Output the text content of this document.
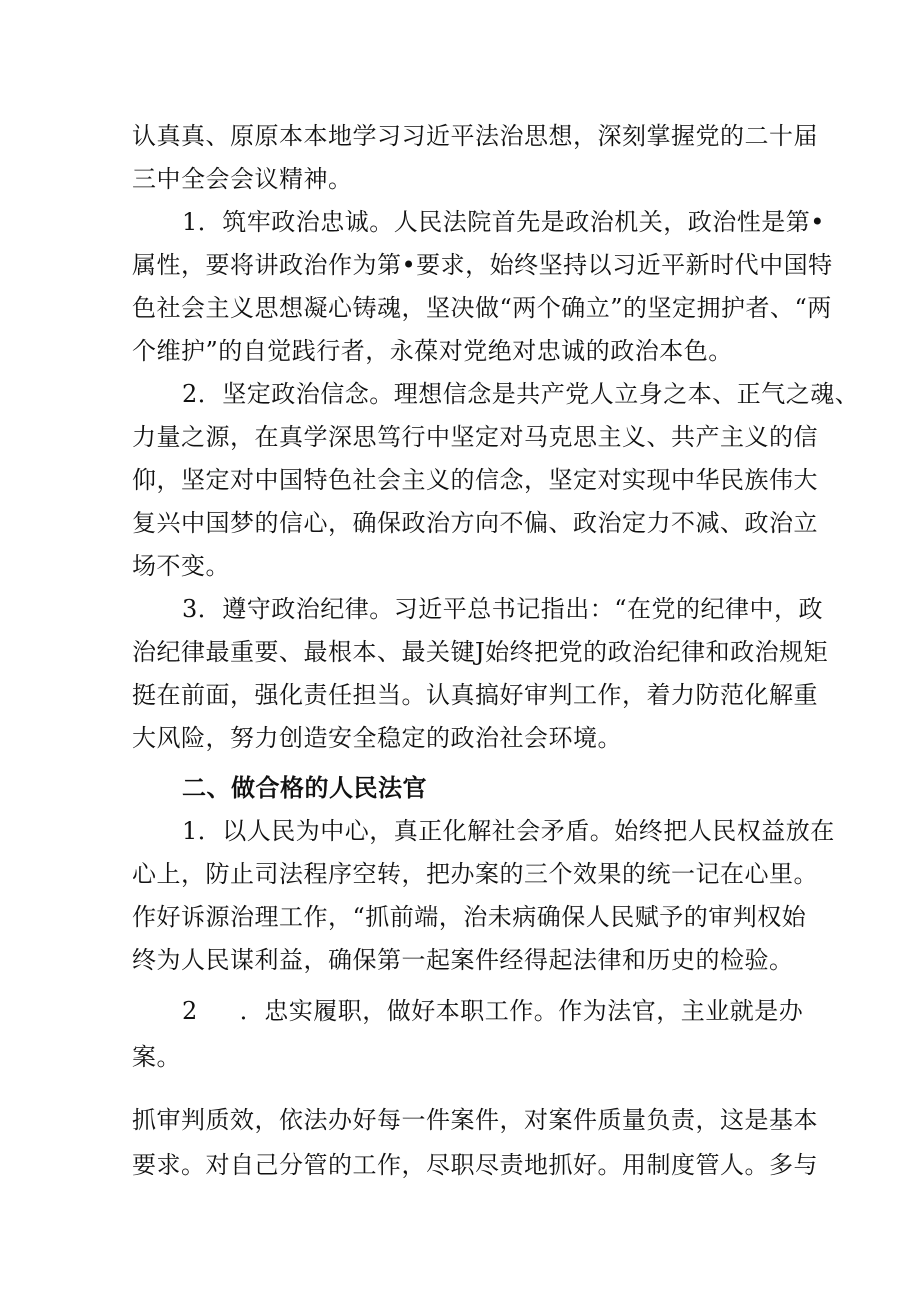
认真真、原原本本地学习习近平法治思想，深刻掌握党的二十届
三中全会会议精神。
1．筑牢政治忠诚。人民法院首先是政治机关，政治性是第•
属性，要将讲政治作为第•要求，始终坚持以习近平新时代中国特
色社会主义思想凝心铸魂，坚决做“两个确立”的坚定拥护者、“两
个维护”的自觉践行者，永葆对党绝对忠诚的政治本色。
2．坚定政治信念。理想信念是共产党人立身之本、正气之魂、
力量之源，在真学深思笃行中坚定对马克思主义、共产主义的信
仰，坚定对中国特色社会主义的信念，坚定对实现中华民族伟大
复兴中国梦的信心，确保政治方向不偏、政治定力不减、政治立
场不变。
3．遵守政治纪律。习近平总书记指出：“在党的纪律中，政
治纪律最重要、最根本、最关键J始终把党的政治纪律和政治规矩
挺在前面，强化责任担当。认真搞好审判工作，着力防范化解重
大风险，努力创造安全稳定的政治社会环境。
二、做合格的人民法官
1．以人民为中心，真正化解社会矛盾。始终把人民权益放在
心上，防止司法程序空转，把办案的三个效果的统一记在心里。
作好诉源治理工作，“抓前端，治未病确保人民赋予的审判权始
终为人民谋利益，确保第一起案件经得起法律和历史的检验。
2 ．忠实履职，做好本职工作。作为法官，主业就是办
案。
抓审判质效，依法办好每一件案件，对案件质量负责，这是基本
要求。对自己分管的工作，尽职尽责地抓好。用制度管人。多与
